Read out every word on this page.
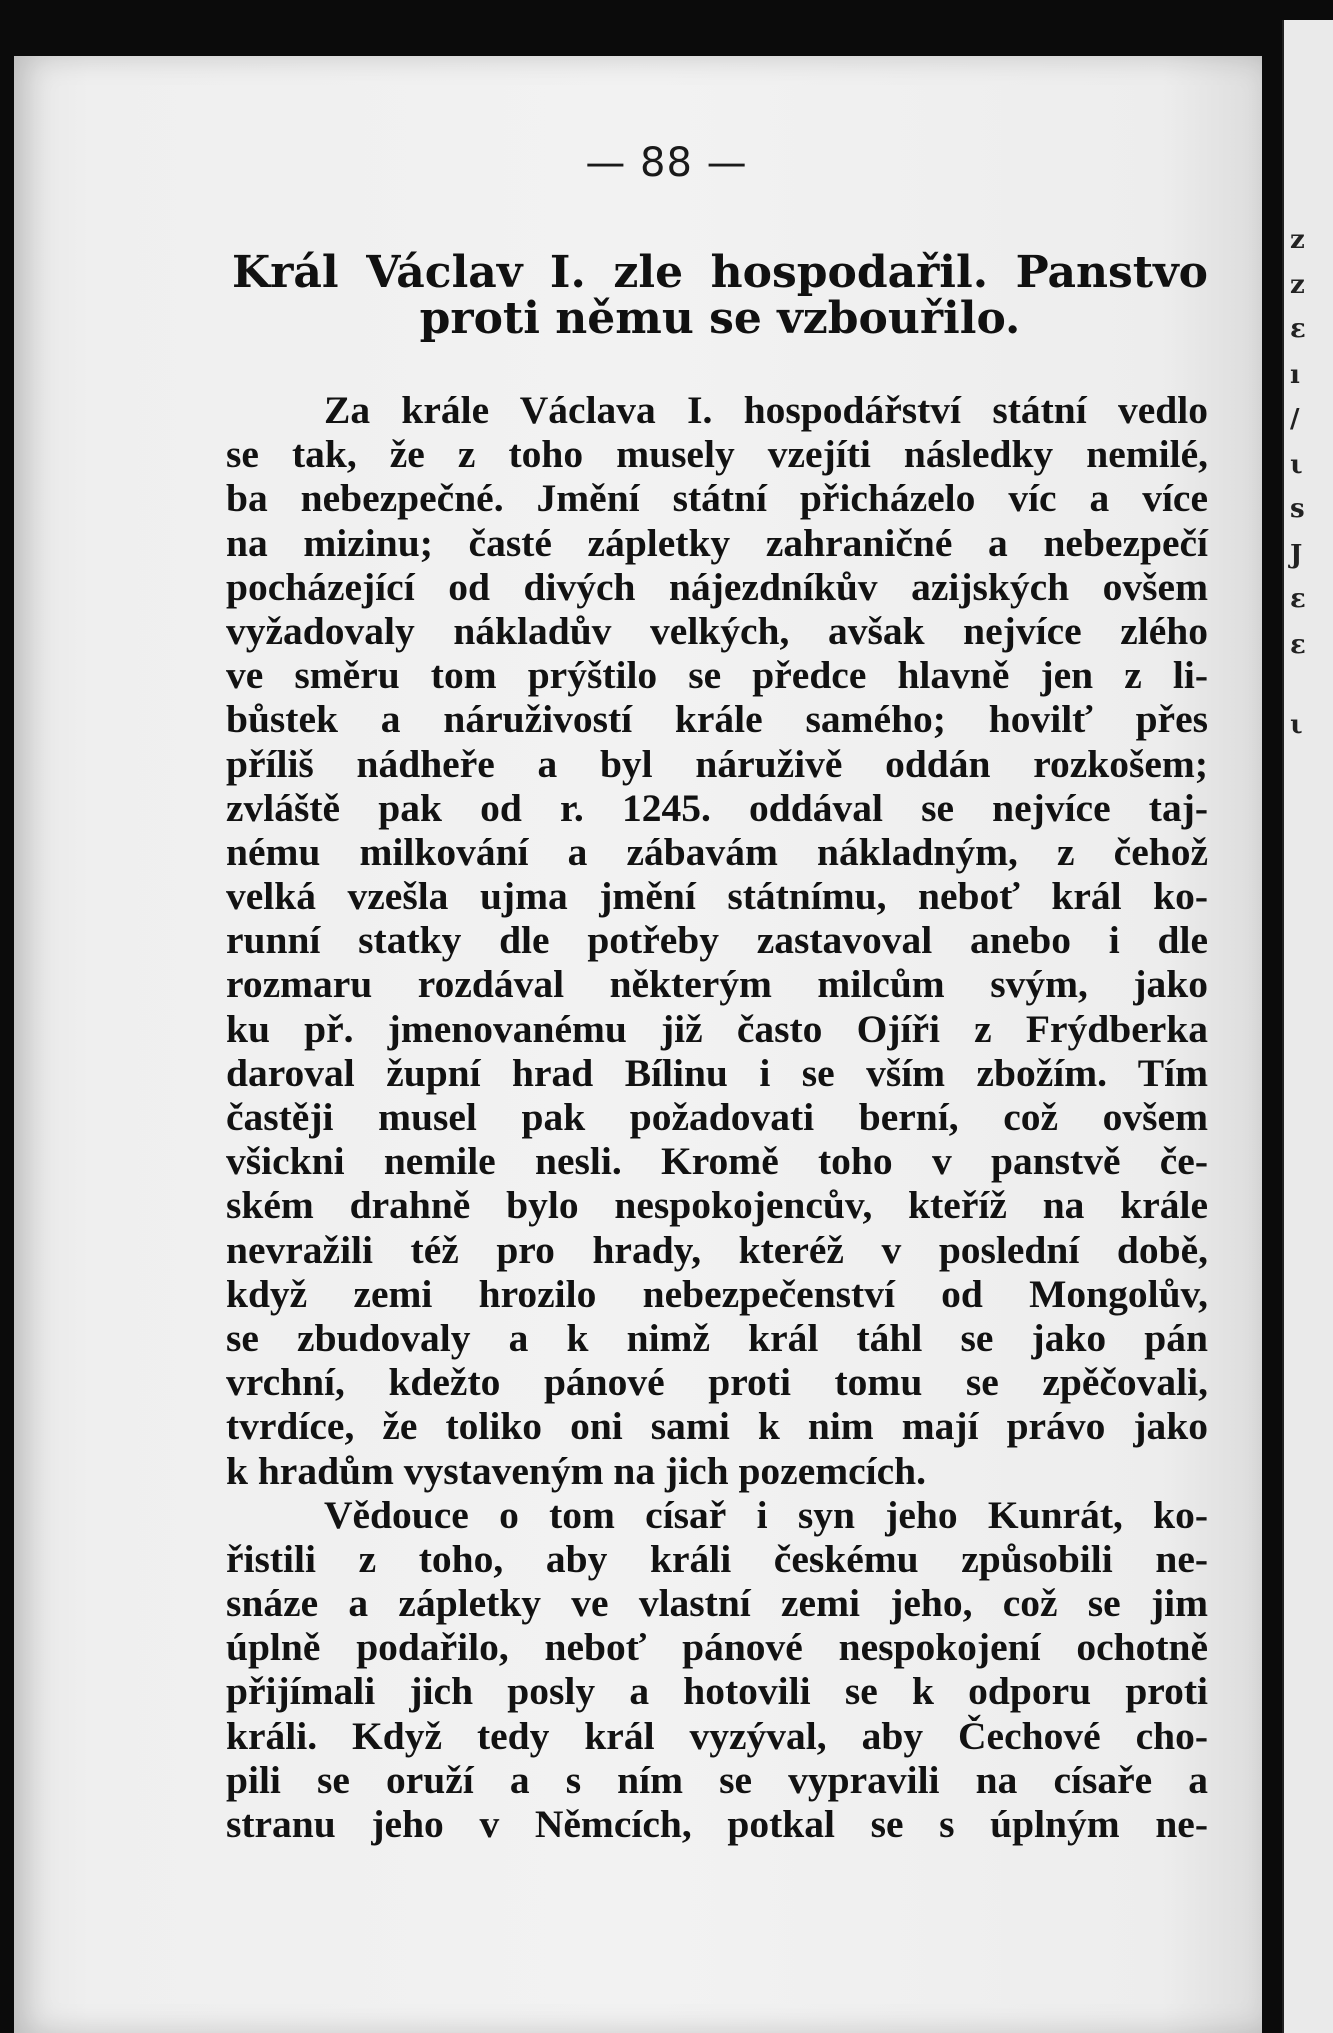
z
z
ε
ı
/
ι
s
J
ε
ε
ι
— 88 —
Král Václav I. zle hospodařil. Panstvo proti němu se vzbouřilo.
Za krále Václava I. hospodářství státní vedlo
se tak, že z toho musely vzejíti následky nemilé,
ba nebezpečné. Jmění státní přicházelo víc a více
na mizinu; časté zápletky zahraničné a nebezpečí
pocházející od divých nájezdníkův azijských ovšem
vyžadovaly nákladův velkých, avšak nejvíce zlého
ve směru tom prýštilo se předce hlavně jen z li-
bůstek a náruživostí krále samého; hovilť přes
příliš nádheře a byl náruživě oddán rozkošem;
zvláště pak od r. 1245. oddával se nejvíce taj-
nému milkování a zábavám nákladným, z čehož
velká vzešla ujma jmění státnímu, neboť král ko-
runní statky dle potřeby zastavoval anebo i dle
rozmaru rozdával některým milcům svým, jako
ku př. jmenovanému již často Ojíři z Frýdberka
daroval župní hrad Bílinu i se vším zbožím. Tím
častěji musel pak požadovati berní, což ovšem
všickni nemile nesli. Kromě toho v panstvě če-
ském drahně bylo nespokojencův, kteříž na krále
nevražili též pro hrady, kteréž v poslední době,
když zemi hrozilo nebezpečenství od Mongolův,
se zbudovaly a k nimž král táhl se jako pán
vrchní, kdežto pánové proti tomu se zpěčovali,
tvrdíce, že toliko oni sami k nim mají právo jako
k hradům vystaveným na jich pozemcích.
Vědouce o tom císař i syn jeho Kunrát, ko-
řistili z toho, aby králi českému způsobili ne-
snáze a zápletky ve vlastní zemi jeho, což se jim
úplně podařilo, neboť pánové nespokojení ochotně
přijímali jich posly a hotovili se k odporu proti
králi. Když tedy král vyzýval, aby Čechové cho-
pili se oruží a s ním se vypravili na císaře a
stranu jeho v Němcích, potkal se s úplným ne-
